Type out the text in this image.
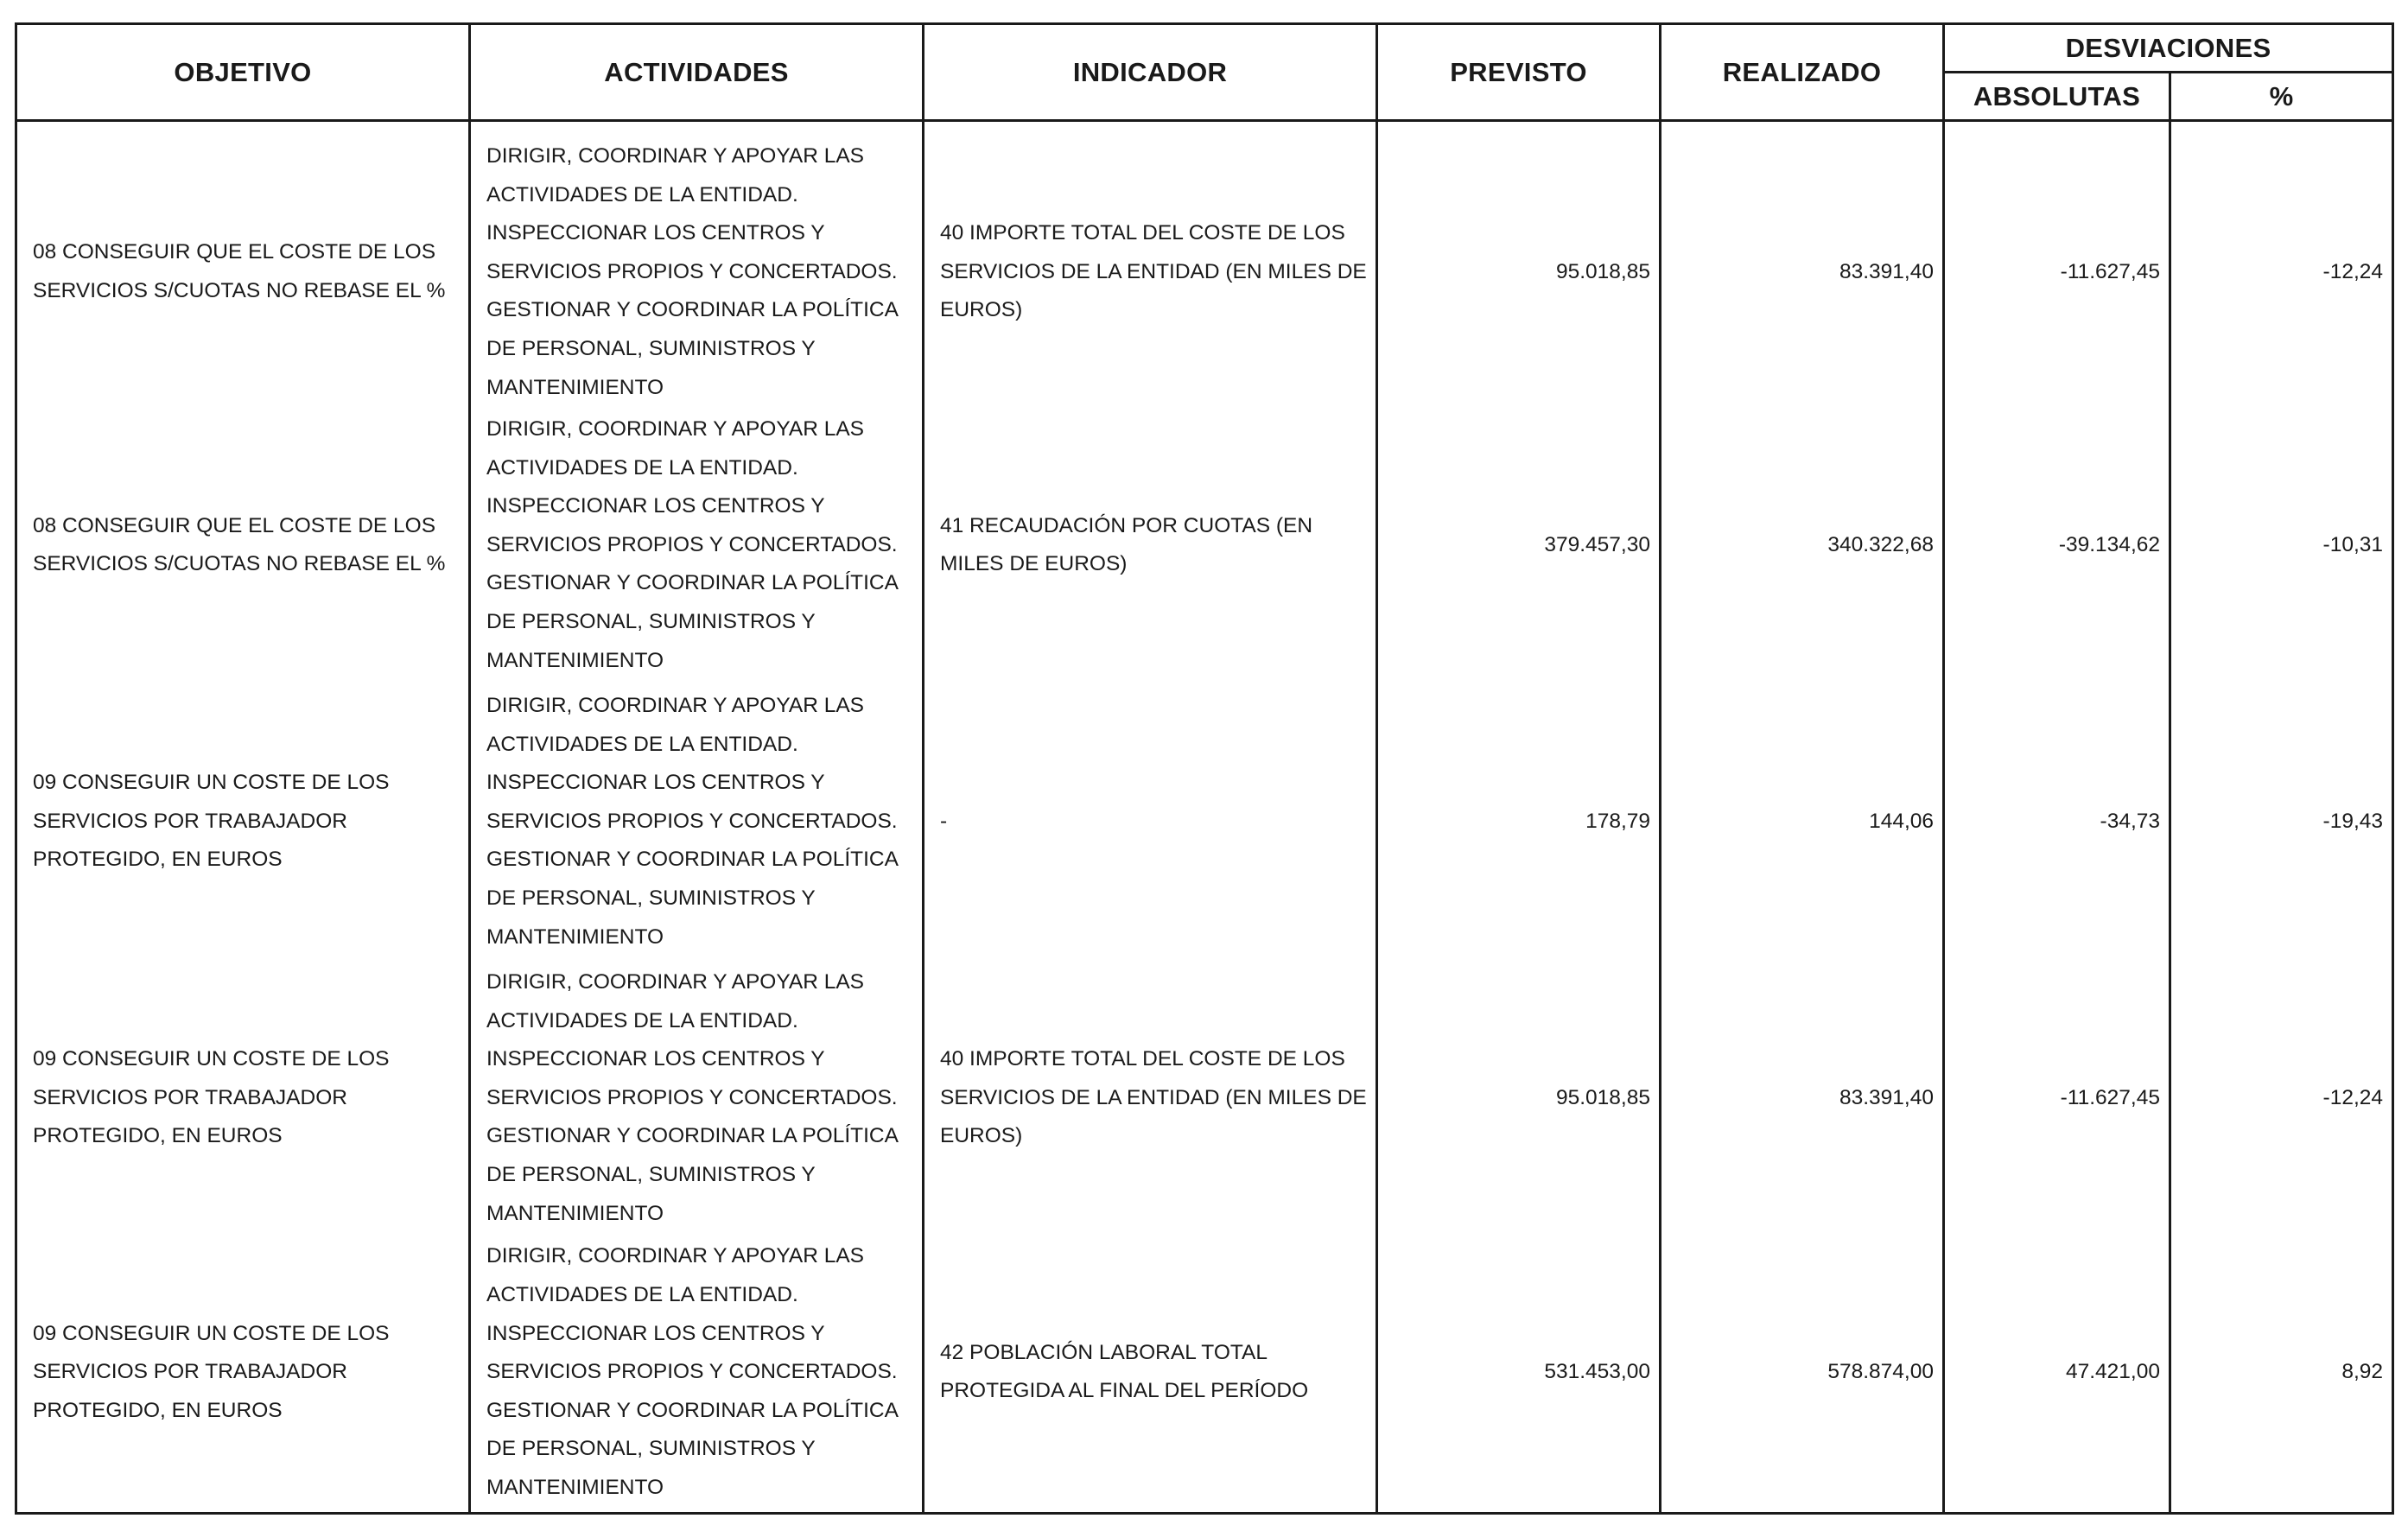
OBJETIVO	ACTIVIDADES	INDICADOR	PREVISTO	REALIZADO	DESVIACIONES	
					ABSOLUTAS	%
08 CONSEGUIR QUE EL COSTE DE LOS SERVICIOS S/CUOTAS NO REBASE EL %	DIRIGIR, COORDINAR Y APOYAR LAS ACTIVIDADES DE LA ENTIDAD. INSPECCIONAR LOS CENTROS Y SERVICIOS PROPIOS Y CONCERTADOS. GESTIONAR Y COORDINAR LA POLÍTICA DE PERSONAL, SUMINISTROS Y MANTENIMIENTO	40 IMPORTE TOTAL DEL COSTE DE LOS SERVICIOS DE LA ENTIDAD (EN MILES DE EUROS)	95.018,85	83.391,40	-11.627,45	-12,24
08 CONSEGUIR QUE EL COSTE DE LOS SERVICIOS S/CUOTAS NO REBASE EL %	DIRIGIR, COORDINAR Y APOYAR LAS ACTIVIDADES DE LA ENTIDAD. INSPECCIONAR LOS CENTROS Y SERVICIOS PROPIOS Y CONCERTADOS. GESTIONAR Y COORDINAR LA POLÍTICA DE PERSONAL, SUMINISTROS Y MANTENIMIENTO	41 RECAUDACIÓN POR CUOTAS (EN MILES DE EUROS)	379.457,30	340.322,68	-39.134,62	-10,31
09 CONSEGUIR UN COSTE DE LOS SERVICIOS POR TRABAJADOR PROTEGIDO, EN EUROS	DIRIGIR, COORDINAR Y APOYAR LAS ACTIVIDADES DE LA ENTIDAD. INSPECCIONAR LOS CENTROS Y SERVICIOS PROPIOS Y CONCERTADOS. GESTIONAR Y COORDINAR LA POLÍTICA DE PERSONAL, SUMINISTROS Y MANTENIMIENTO	-	178,79	144,06	-34,73	-19,43
09 CONSEGUIR UN COSTE DE LOS SERVICIOS POR TRABAJADOR PROTEGIDO, EN EUROS	DIRIGIR, COORDINAR Y APOYAR LAS ACTIVIDADES DE LA ENTIDAD. INSPECCIONAR LOS CENTROS Y SERVICIOS PROPIOS Y CONCERTADOS. GESTIONAR Y COORDINAR LA POLÍTICA DE PERSONAL, SUMINISTROS Y MANTENIMIENTO	40 IMPORTE TOTAL DEL COSTE DE LOS SERVICIOS DE LA ENTIDAD (EN MILES DE EUROS)	95.018,85	83.391,40	-11.627,45	-12,24
09 CONSEGUIR UN COSTE DE LOS SERVICIOS POR TRABAJADOR PROTEGIDO, EN EUROS	DIRIGIR, COORDINAR Y APOYAR LAS ACTIVIDADES DE LA ENTIDAD. INSPECCIONAR LOS CENTROS Y SERVICIOS PROPIOS Y CONCERTADOS. GESTIONAR Y COORDINAR LA POLÍTICA DE PERSONAL, SUMINISTROS Y MANTENIMIENTO	42 POBLACIÓN LABORAL TOTAL PROTEGIDA AL FINAL DEL PERÍODO	531.453,00	578.874,00	47.421,00	8,92
